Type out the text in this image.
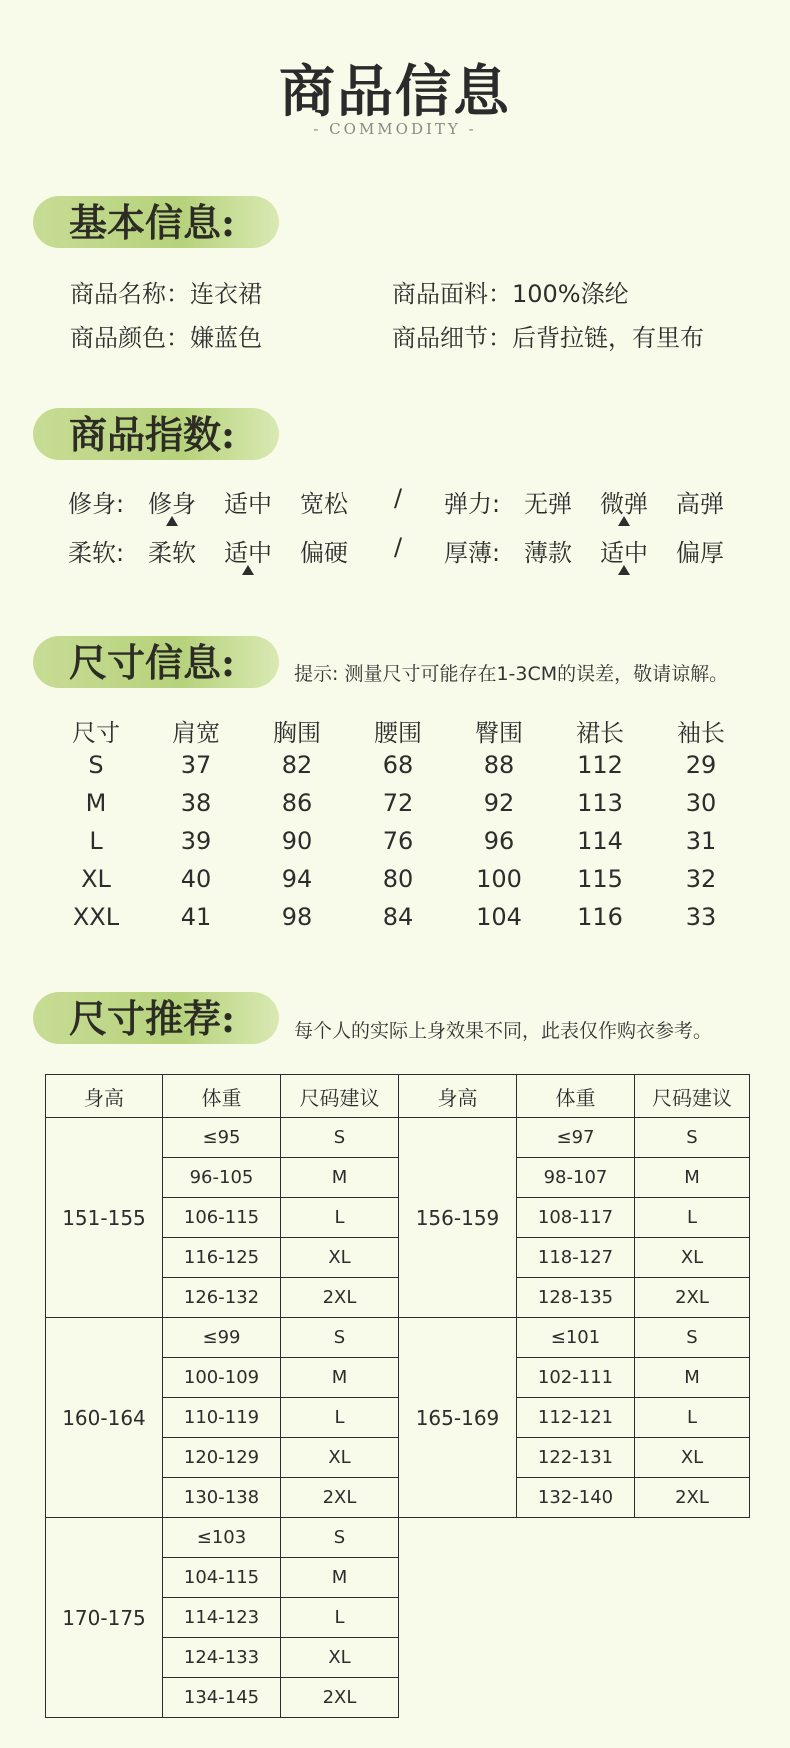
商品信息
- COMMODITY -
基本信息:
商品名称：连衣裙
商品颜色：嫌蓝色
商品面料：100%涤纶
商品细节：后背拉链，有里布
商品指数:
修身: 修身 适中 宽松	弹力: 无弹 微弹 高弹
/
柔软: 柔软 适中 偏硬	厚薄: 薄款 适中 偏厚
/
尺寸信息:	提示: 测量尺寸可能存在1-3CM的误差，敬请谅解。
尺寸	肩宽	胸围	腰围	臀围	裙长	袖长
S	37	82	68	88	112	29
M	38	86	72	92	113	30
L	39	90	76	96	114	31
XL	40	94	80	100	115	32
XXL	41	98	84	104	116	33
尺寸推荐:	每个人的实际上身效果不同，此表仅作购衣参考。
身高	体重	尺码建议	身高	体重	尺码建议
151-155	≤95	S	156-159	≤97	S
	96-105	M		98-107	M
	106-115	L		108-117	L
	116-125	XL		118-127	XL
	126-132	2XL		128-135	2XL
160-164	≤99	S	165-169	≤101	S
	100-109	M		102-111	M
	110-119	L		112-121	L
	120-129	XL		122-131	XL
	130-138	2XL		132-140	2XL
170-175	≤103	S			
	104-115	M			
	114-123	L			
	124-133	XL			
	134-145	2XL			
